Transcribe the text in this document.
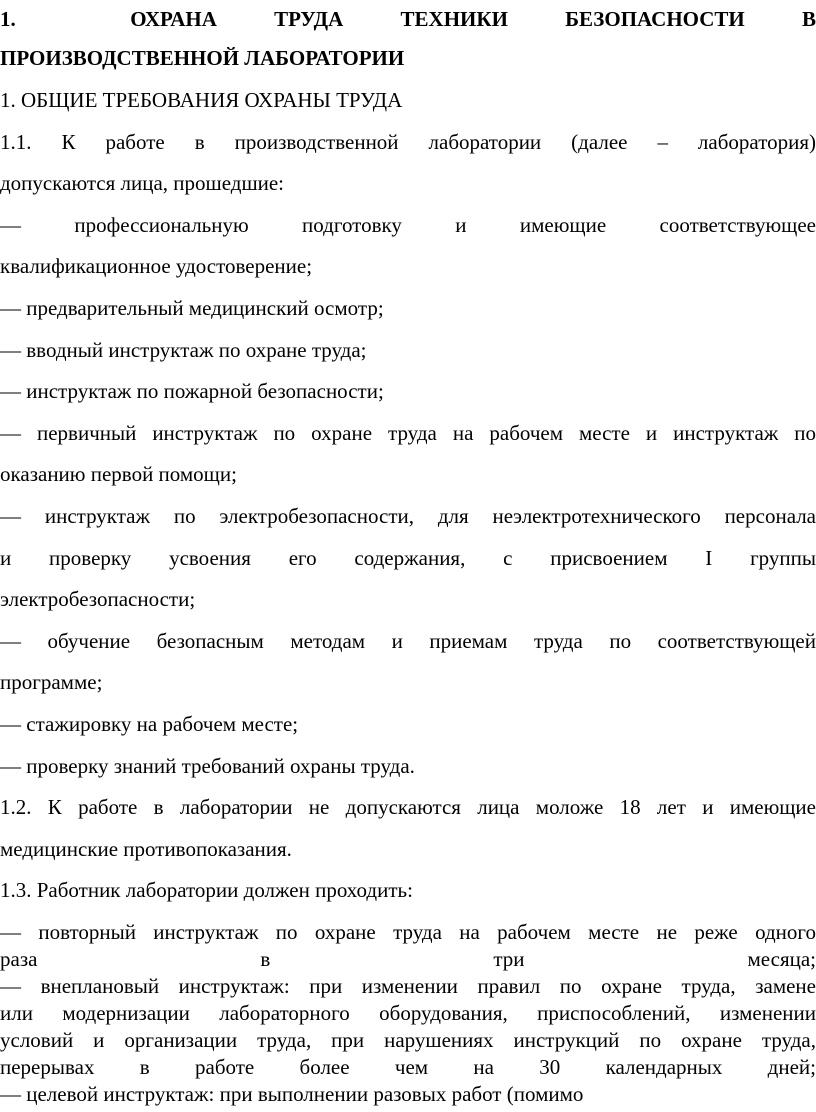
1.  ОХРАНА ТРУДА ТЕХНИКИ БЕЗОПАСНОСТИ В

ПРОИЗВОДСТВЕННОЙ ЛАБОРАТОРИИ

1. ОБЩИЕ ТРЕБОВАНИЯ ОХРАНЫ ТРУДА

1.1. К работе в производственной лаборатории (далее – лаборатория)

допускаются лица, прошедшие:

— профессиональную подготовку и имеющие соответствующее

квалификационное удостоверение;

— предварительный медицинский осмотр;

— вводный инструктаж по охране труда;

— инструктаж по пожарной безопасности;

— первичный инструктаж по охране труда на рабочем месте и инструктаж по

оказанию первой помощи;

— инструктаж по электробезопасности, для неэлектротехнического персонала

и проверку усвоения его содержания, с присвоением I группы

электробезопасности;

— обучение безопасным методам и приемам труда по соответствующей

программе;

— стажировку на рабочем месте;

— проверку знаний требований охраны труда.

1.2. К работе в лаборатории не допускаются лица моложе 18 лет и имеющие

медицинские противопоказания.

1.3. Работник лаборатории должен проходить:

— повторный инструктаж по охране труда на рабочем месте не реже одного

раза в три месяца;

— внеплановый инструктаж: при изменении правил по охране труда, замене

или модернизации лабораторного оборудования, приспособлений, изменении

условий и организации труда, при нарушениях инструкций по охране труда,

перерывах в работе более чем на 30 календарных дней;

— целевой инструктаж: при выполнении разовых работ (помимо
